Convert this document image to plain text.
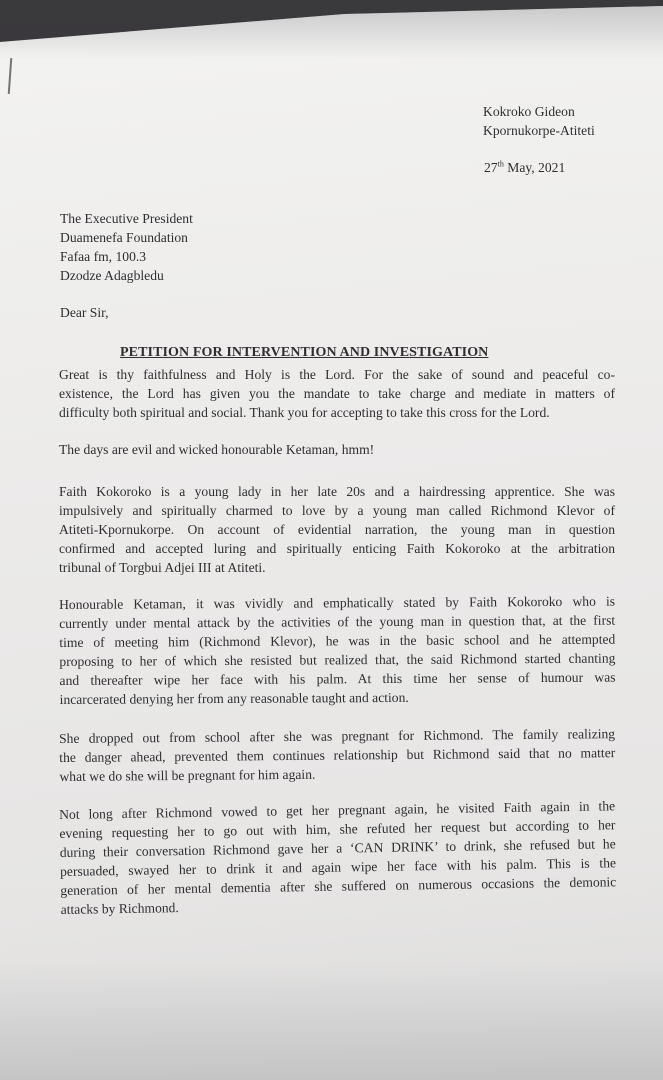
Kokroko Gideon
Kpornukorpe-Atiteti
27th May, 2021
The Executive President
Duamenefa Foundation
Fafaa fm, 100.3
Dzodze Adagbledu
Dear Sir,
PETITION FOR INTERVENTION AND INVESTIGATION
Great is thy faithfulness and Holy is the Lord. For the sake of sound and peaceful co-
existence, the Lord has given you the mandate to take charge and mediate in matters of
difficulty both spiritual and social. Thank you for accepting to take this cross for the Lord.
The days are evil and wicked honourable Ketaman, hmm!
Faith Kokoroko is a young lady in her late 20s and a hairdressing apprentice. She was
impulsively and spiritually charmed to love by a young man called Richmond Klevor of
Atiteti-Kpornukorpe. On account of evidential narration, the young man in question
confirmed and accepted luring and spiritually enticing Faith Kokoroko at the arbitration
tribunal of Torgbui Adjei III at Atiteti.
Honourable Ketaman, it was vividly and emphatically stated by Faith Kokoroko who is
currently under mental attack by the activities of the young man in question that, at the first
time of meeting him (Richmond Klevor), he was in the basic school and he attempted
proposing to her of which she resisted but realized that, the said Richmond started chanting
and thereafter wipe her face with his palm. At this time her sense of humour was
incarcerated denying her from any reasonable taught and action.
She dropped out from school after she was pregnant for Richmond. The family realizing
the danger ahead, prevented them continues relationship but Richmond said that no matter
what we do she will be pregnant for him again.
Not long after Richmond vowed to get her pregnant again, he visited Faith again in the
evening requesting her to go out with him, she refuted her request but according to her
during their conversation Richmond gave her a ‘CAN DRINK’ to drink, she refused but he
persuaded, swayed her to drink it and again wipe her face with his palm. This is the
generation of her mental dementia after she suffered on numerous occasions the demonic
attacks by Richmond.
